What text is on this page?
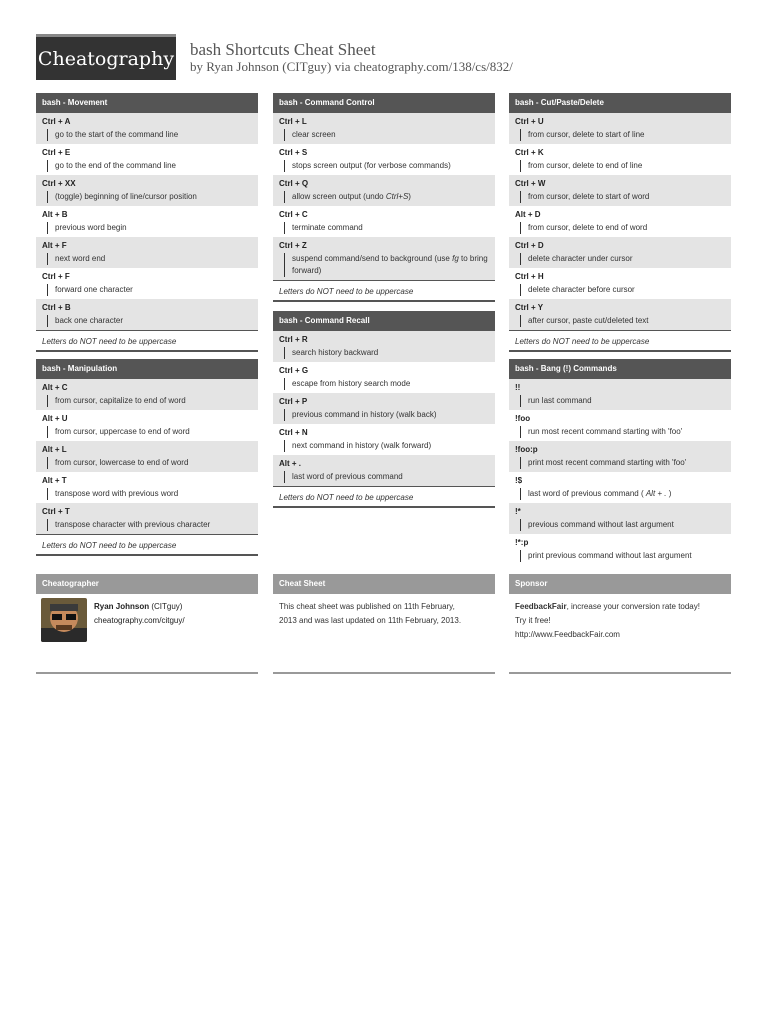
Cheatography bash Shortcuts Cheat Sheet
by Ryan Johnson (CITguy) via cheatography.com/138/cs/832/
bash - Movement
Ctrl + A
go to the start of the command line
Ctrl + E
go to the end of the command line
Ctrl + XX
(toggle) beginning of line/cursor position
Alt + B
previous word begin
Alt + F
next word end
Ctrl + F
forward one character
Ctrl + B
back one character
Letters do NOT need to be uppercase
bash - Manipulation
Alt + C
from cursor, capitalize to end of word
Alt + U
from cursor, uppercase to end of word
Alt + L
from cursor, lowercase to end of word
Alt + T
transpose word with previous word
Ctrl + T
transpose character with previous character
Letters do NOT need to be uppercase
bash - Command Control
Ctrl + L
clear screen
Ctrl + S
stops screen output (for verbose commands)
Ctrl + Q
allow screen output (undo Ctrl+S)
Ctrl + C
terminate command
Ctrl + Z
suspend command/send to background (use fg to bring forward)
Letters do NOT need to be uppercase
bash - Command Recall
Ctrl + R
search history backward
Ctrl + G
escape from history search mode
Ctrl + P
previous command in history (walk back)
Ctrl + N
next command in history (walk forward)
Alt + .
last word of previous command
Letters do NOT need to be uppercase
bash - Cut/Paste/Delete
Ctrl + U
from cursor, delete to start of line
Ctrl + K
from cursor, delete to end of line
Ctrl + W
from cursor, delete to start of word
Alt + D
from cursor, delete to end of word
Ctrl + D
delete character under cursor
Ctrl + H
delete character before cursor
Ctrl + Y
after cursor, paste cut/deleted text
Letters do NOT need to be uppercase
bash - Bang (!) Commands
!!
run last command
!foo
run most recent command starting with 'foo'
!foo:p
print most recent command starting with 'foo'
!$
last word of previous command ( Alt + . )
!*
previous command without last argument
!*:p
print previous command without last argument
Cheatographer
Ryan Johnson (CITguy)
cheatography.com/citguy/
Cheat Sheet
This cheat sheet was published on 11th February,
2013 and was last updated on 11th February, 2013.
Sponsor
FeedbackFair, increase your conversion rate today!
Try it free!
http://www.FeedbackFair.com
